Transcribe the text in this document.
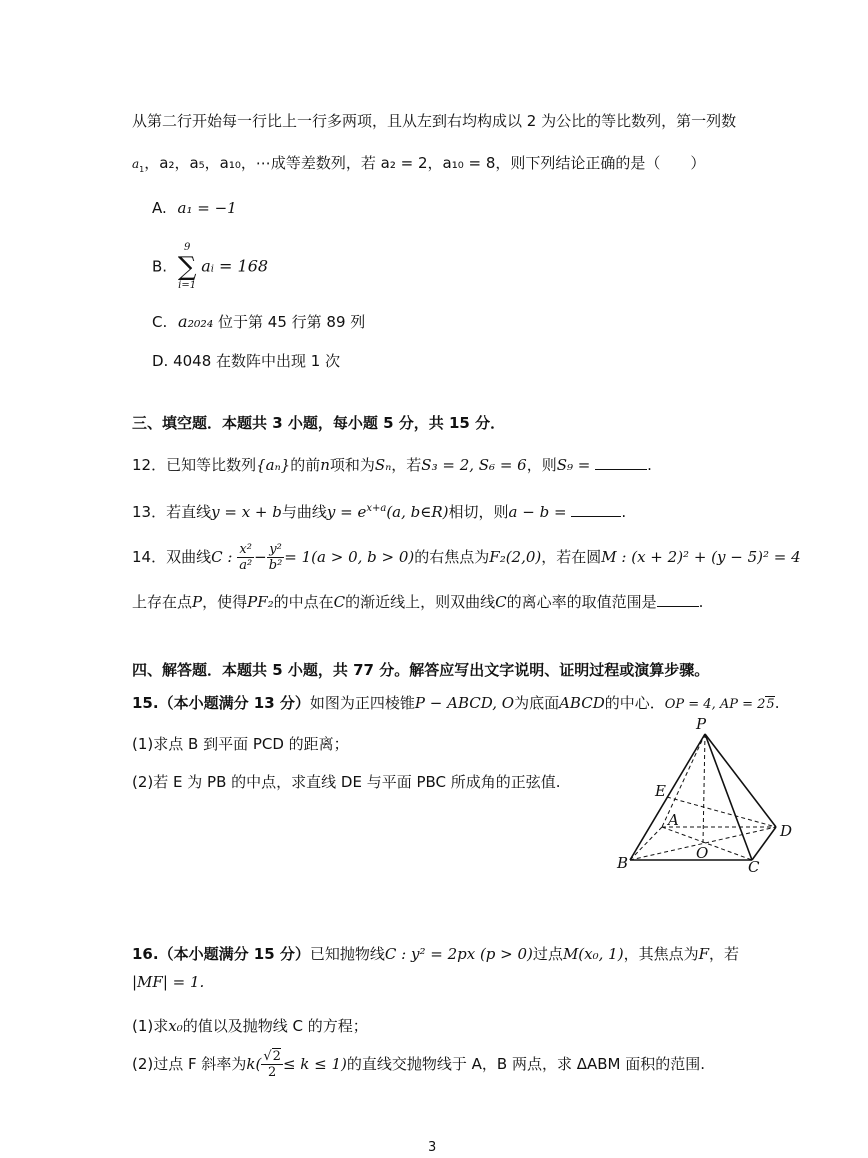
从第二行开始每一行比上一行多两项，且从左到右均构成以 2 为公比的等比数列，第一列数
$a_1$，a₂，a₅，a₁₀，⋯成等差数列，若 a₂ = 2，a₁₀ = 8，则下列结论正确的是（　　）
A. a₁ = −1
B.
9
∑
i=1
aᵢ = 168
C. a₂₀₂₄ 位于第 45 行第 89 列
D. 4048 在数阵中出现 1 次
三、填空题．本题共 3 小题，每小题 5 分，共 15 分．
12．已知等比数列{aₙ}的前n项和为Sₙ，若S₃ = 2, S₆ = 6，则S₉ =	.
13．若直线y = x + b与曲线$y = e^{x+a}(a$, b∈R)相切，则a − b =	.
14．双曲线C : $\frac{\text{x²}}{\text{a²}} - \frac{\text{y²}}{\text{b²}} = 1(a > 0$, b > 0)的右焦点为F₂(2,0)，若在圆M : (x + 2)² + (y − 5)² = 4
上存在点P，使得PF₂的中点在C的渐近线上，则双曲线C的离心率的取值范围是	.
四、解答题．本题共 5 小题，共 77 分。解答应写出文字说明、证明过程或演算步骤。
15.（本小题满分 13 分）如图为正四棱锥P − ABCD, O为底面ABCD的中心．OP = 4, AP = 25.
(1)求点 B 到平面 PCD 的距离；
(2)若 E 为 PB 的中点，求直线 DE 与平面 PBC 所成角的正弦值.
P
E
A
D
O
B	C
16.（本小题满分 15 分）已知抛物线C : y² = 2px (p > 0)过点M(x₀, 1)，其焦点为F，若
|MF| = 1.
(1)求x₀的值以及抛物线 C 的方程；
(2)过点 F 斜率为$k( \frac{√2}{2} \le k \le 1)$的直线交抛物线于 A，B 两点，求 ΔABM 面积的范围.
3
